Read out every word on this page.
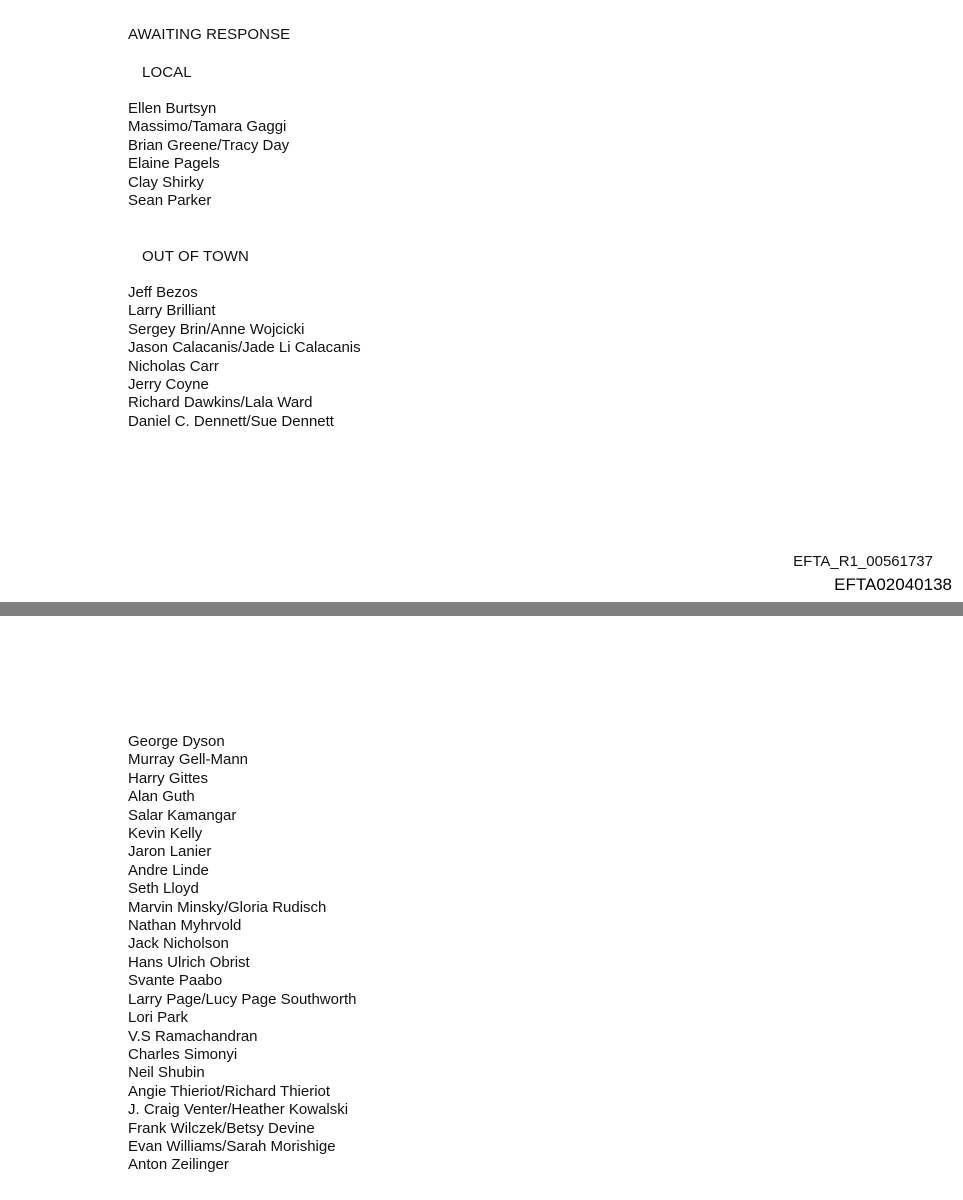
AWAITING RESPONSE
LOCAL
Ellen Burtsyn
Massimo/Tamara Gaggi
Brian Greene/Tracy Day
Elaine Pagels
Clay Shirky
Sean Parker
OUT OF TOWN
Jeff Bezos
Larry Brilliant
Sergey Brin/Anne Wojcicki
Jason Calacanis/Jade Li Calacanis
Nicholas Carr
Jerry Coyne
Richard Dawkins/Lala Ward
Daniel C. Dennett/Sue Dennett
EFTA_R1_00561737
EFTA02040138
George Dyson
Murray Gell-Mann
Harry Gittes
Alan Guth
Salar Kamangar
Kevin Kelly
Jaron Lanier
Andre Linde
Seth Lloyd
Marvin Minsky/Gloria Rudisch
Nathan Myhrvold
Jack Nicholson
Hans Ulrich Obrist
Svante Paabo
Larry Page/Lucy Page Southworth
Lori Park
V.S Ramachandran
Charles Simonyi
Neil Shubin
Angie Thieriot/Richard Thieriot
J. Craig Venter/Heather Kowalski
Frank Wilczek/Betsy Devine
Evan Williams/Sarah Morishige
Anton Zeilinger
